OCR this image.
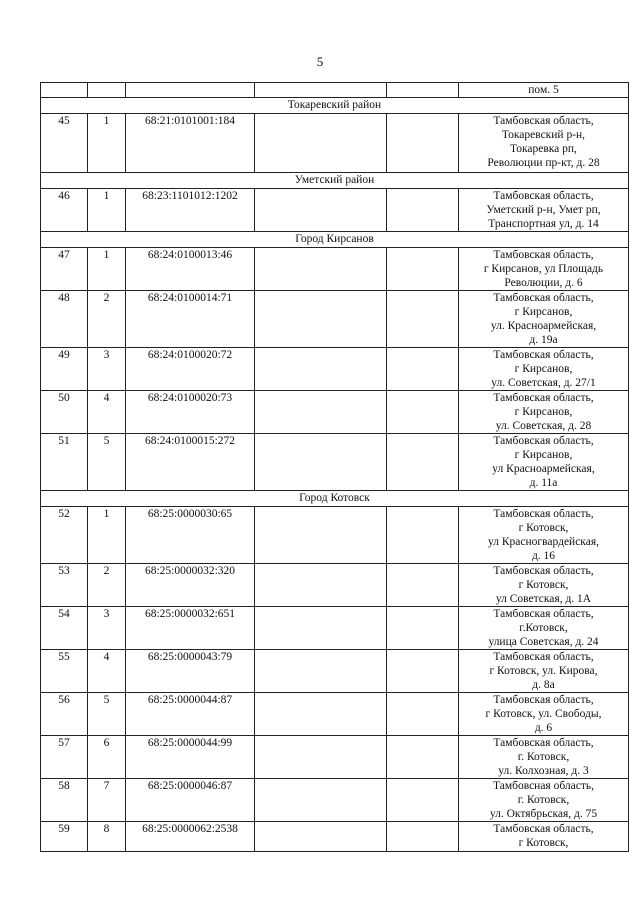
5
					пом. 5
Токаревский район					
45	1	68:21:0101001:184			Тамбовская область,
Токаревский р-н,
Токаревка рп,
Революции пр-кт, д. 28

Уметский район					
46	1	68:23:1101012:1202			Тамбовская область,
Уметский р-н, Умет рп,
Транспортная ул, д. 14

Город Кирсанов					
47	1	68:24:0100013:46			Тамбовская область,
г Кирсанов, ул Площадь
Революции, д. 6

48	2	68:24:0100014:71			Тамбовская область,
г Кирсанов,
ул. Красноармейская,
д. 19а

49	3	68:24:0100020:72			Тамбовская область,
г Кирсанов,
ул. Советская, д. 27/1

50	4	68:24:0100020:73			Тамбовская область,
г Кирсанов,
ул. Советская, д. 28

51	5	68:24:0100015:272			Тамбовская область,
г Кирсанов,
ул Красноармейская,
д. 11а

Город Котовск					
52	1	68:25:0000030:65			Тамбовская область,
г Котовск,
ул Красногвардейская,
д. 16

53	2	68:25:0000032:320			Тамбовская область,
г Котовск,
ул Советская, д. 1А

54	3	68:25:0000032:651			Тамбовская область,
г.Котовск,
улица Советская, д. 24

55	4	68:25:0000043:79			Тамбовская область,
г Котовск, ул. Кирова,
д. 8а

56	5	68:25:0000044:87			Тамбовская область,
г Котовск, ул. Свободы,
д. 6

57	6	68:25:0000044:99			Тамбовская область,
г. Котовск,
ул. Колхозная, д. 3

58	7	68:25:0000046:87			Тамбовсная область,
г. Котовск,
ул. Октябрьская, д. 75

59	8	68:25:0000062:2538			Тамбовская область,
г Котовск,
